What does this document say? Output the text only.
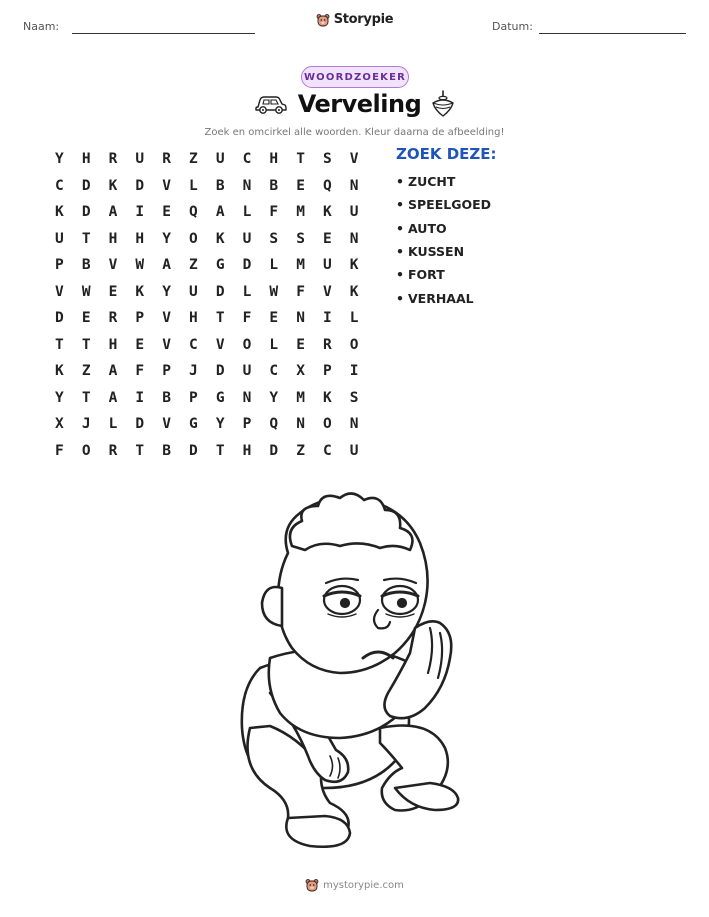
Naam:	Storypie	Datum:
WOORDZOEKER
Verveling
Zoek en omcirkel alle woorden. Kleur daarna de afbeelding!
Y	H	R	U	R	Z	U	C	H	T	S	V
C	D	K	D	V	L	B	N	B	E	Q	N
K	D	A	I	E	Q	A	L	F	M	K	U
U	T	H	H	Y	O	K	U	S	S	E	N
P	B	V	W	A	Z	G	D	L	M	U	K
V	W	E	K	Y	U	D	L	W	F	V	K
D	E	R	P	V	H	T	F	E	N	I	L
T	T	H	E	V	C	V	O	L	E	R	O
K	Z	A	F	P	J	D	U	C	X	P	I
Y	T	A	I	B	P	G	N	Y	M	K	S
X	J	L	D	V	G	Y	P	Q	N	O	N
F	O	R	T	B	D	T	H	D	Z	C	U
ZOEK DEZE:
• ZUCHT
• SPEELGOED
• AUTO
• KUSSEN
• FORT
• VERHAAL
mystorypie.com
